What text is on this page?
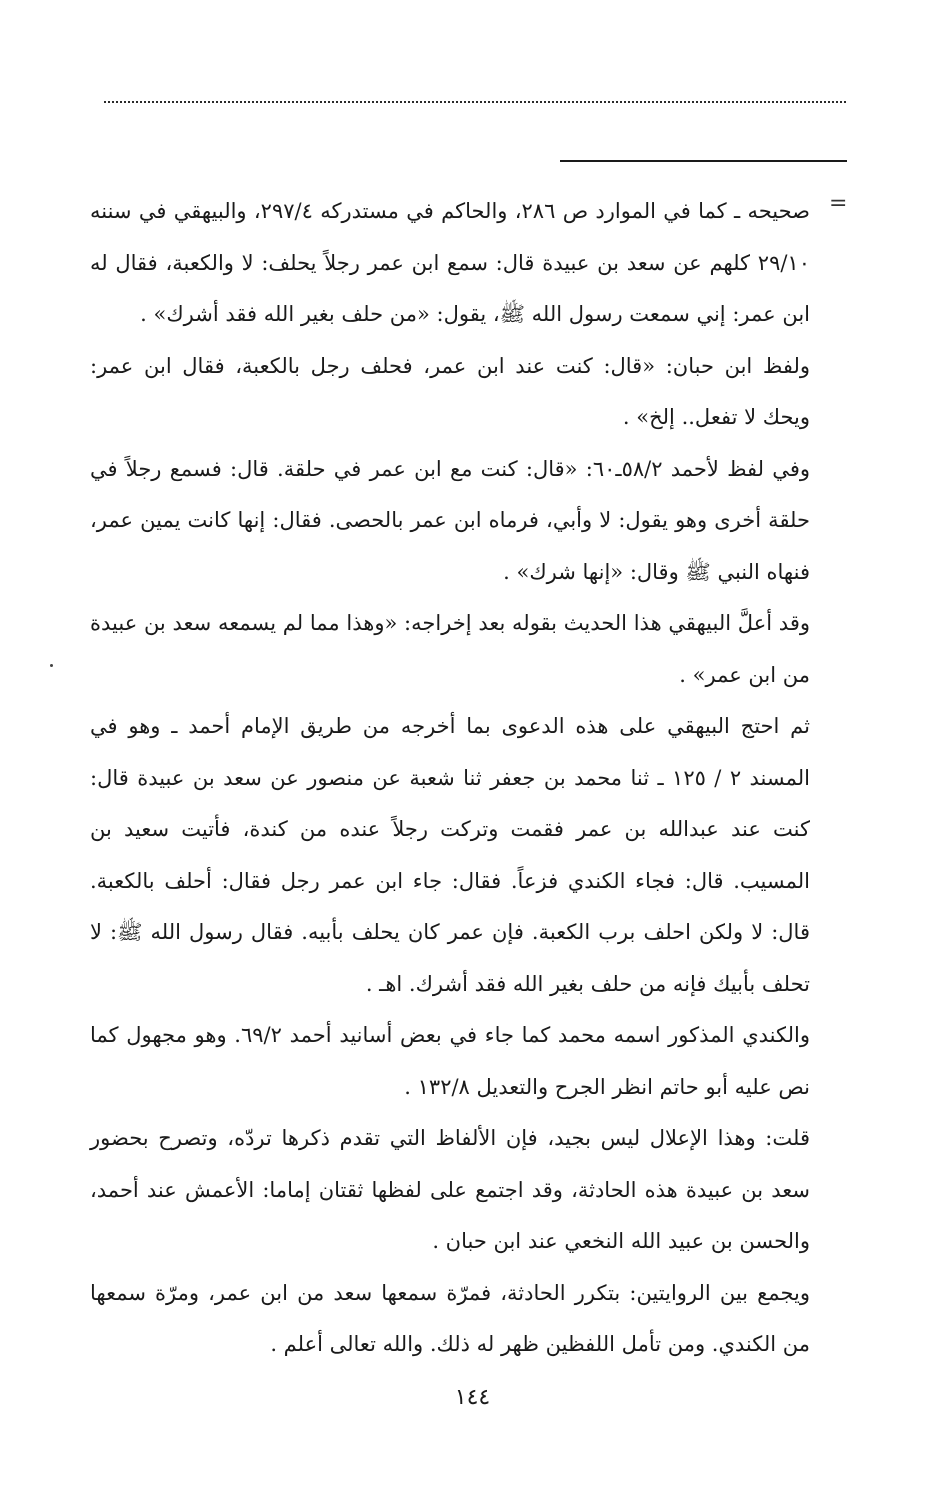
=

صحيحه ـ كما في الموارد ص ٢٨٦، والحاكم في مستدركه ٢٩٧/٤، والبيهقي في سننه ٢٩/١٠ كلهم عن سعد بن عبيدة قال: سمع ابن عمر رجلاً يحلف: لا والكعبة، فقال له ابن عمر: إني سمعت رسول الله ﷺ، يقول: «من حلف بغير الله فقد أشرك» .

ولفظ ابن حبان: «قال: كنت عند ابن عمر، فحلف رجل بالكعبة، فقال ابن عمر: ويحك لا تفعل.. إلخ» .

وفي لفظ لأحمد ٥٨/٢ـ٦٠: «قال: كنت مع ابن عمر في حلقة. قال: فسمع رجلاً في حلقة أخرى وهو يقول: لا وأبي، فرماه ابن عمر بالحصى. فقال: إنها كانت يمين عمر، فنهاه النبي ﷺ وقال: «إنها شرك» .

وقد أعلَّ البيهقي هذا الحديث بقوله بعد إخراجه: «وهذا مما لم يسمعه سعد بن عبيدة من ابن عمر» .

ثم احتج البيهقي على هذه الدعوى بما أخرجه من طريق الإمام أحمد ـ وهو في المسند ٢ / ١٢٥ ـ ثنا محمد بن جعفر ثنا شعبة عن منصور عن سعد بن عبيدة قال: كنت عند عبدالله بن عمر فقمت وتركت رجلاً عنده من كندة، فأتيت سعيد بن المسيب. قال: فجاء الكندي فزعاً. فقال: جاء ابن عمر رجل فقال: أحلف بالكعبة. قال: لا ولكن احلف برب الكعبة. فإن عمر كان يحلف بأبيه. فقال رسول الله ﷺ: لا تحلف بأبيك فإنه من حلف بغير الله فقد أشرك. اهـ .

والكندي المذكور اسمه محمد كما جاء في بعض أسانيد أحمد ٦٩/٢. وهو مجهول كما نص عليه أبو حاتم انظر الجرح والتعديل ١٣٢/٨ .

قلت: وهذا الإعلال ليس بجيد، فإن الألفاظ التي تقدم ذكرها تردّه، وتصرح بحضور سعد بن عبيدة هذه الحادثة، وقد اجتمع على لفظها ثقتان إماما: الأعمش عند أحمد، والحسن بن عبيد الله النخعي عند ابن حبان .

ويجمع بين الروايتين: بتكرر الحادثة، فمرّة سمعها سعد من ابن عمر، ومرّة سمعها من الكندي. ومن تأمل اللفظين ظهر له ذلك. والله تعالى أعلم .

١٤٤
